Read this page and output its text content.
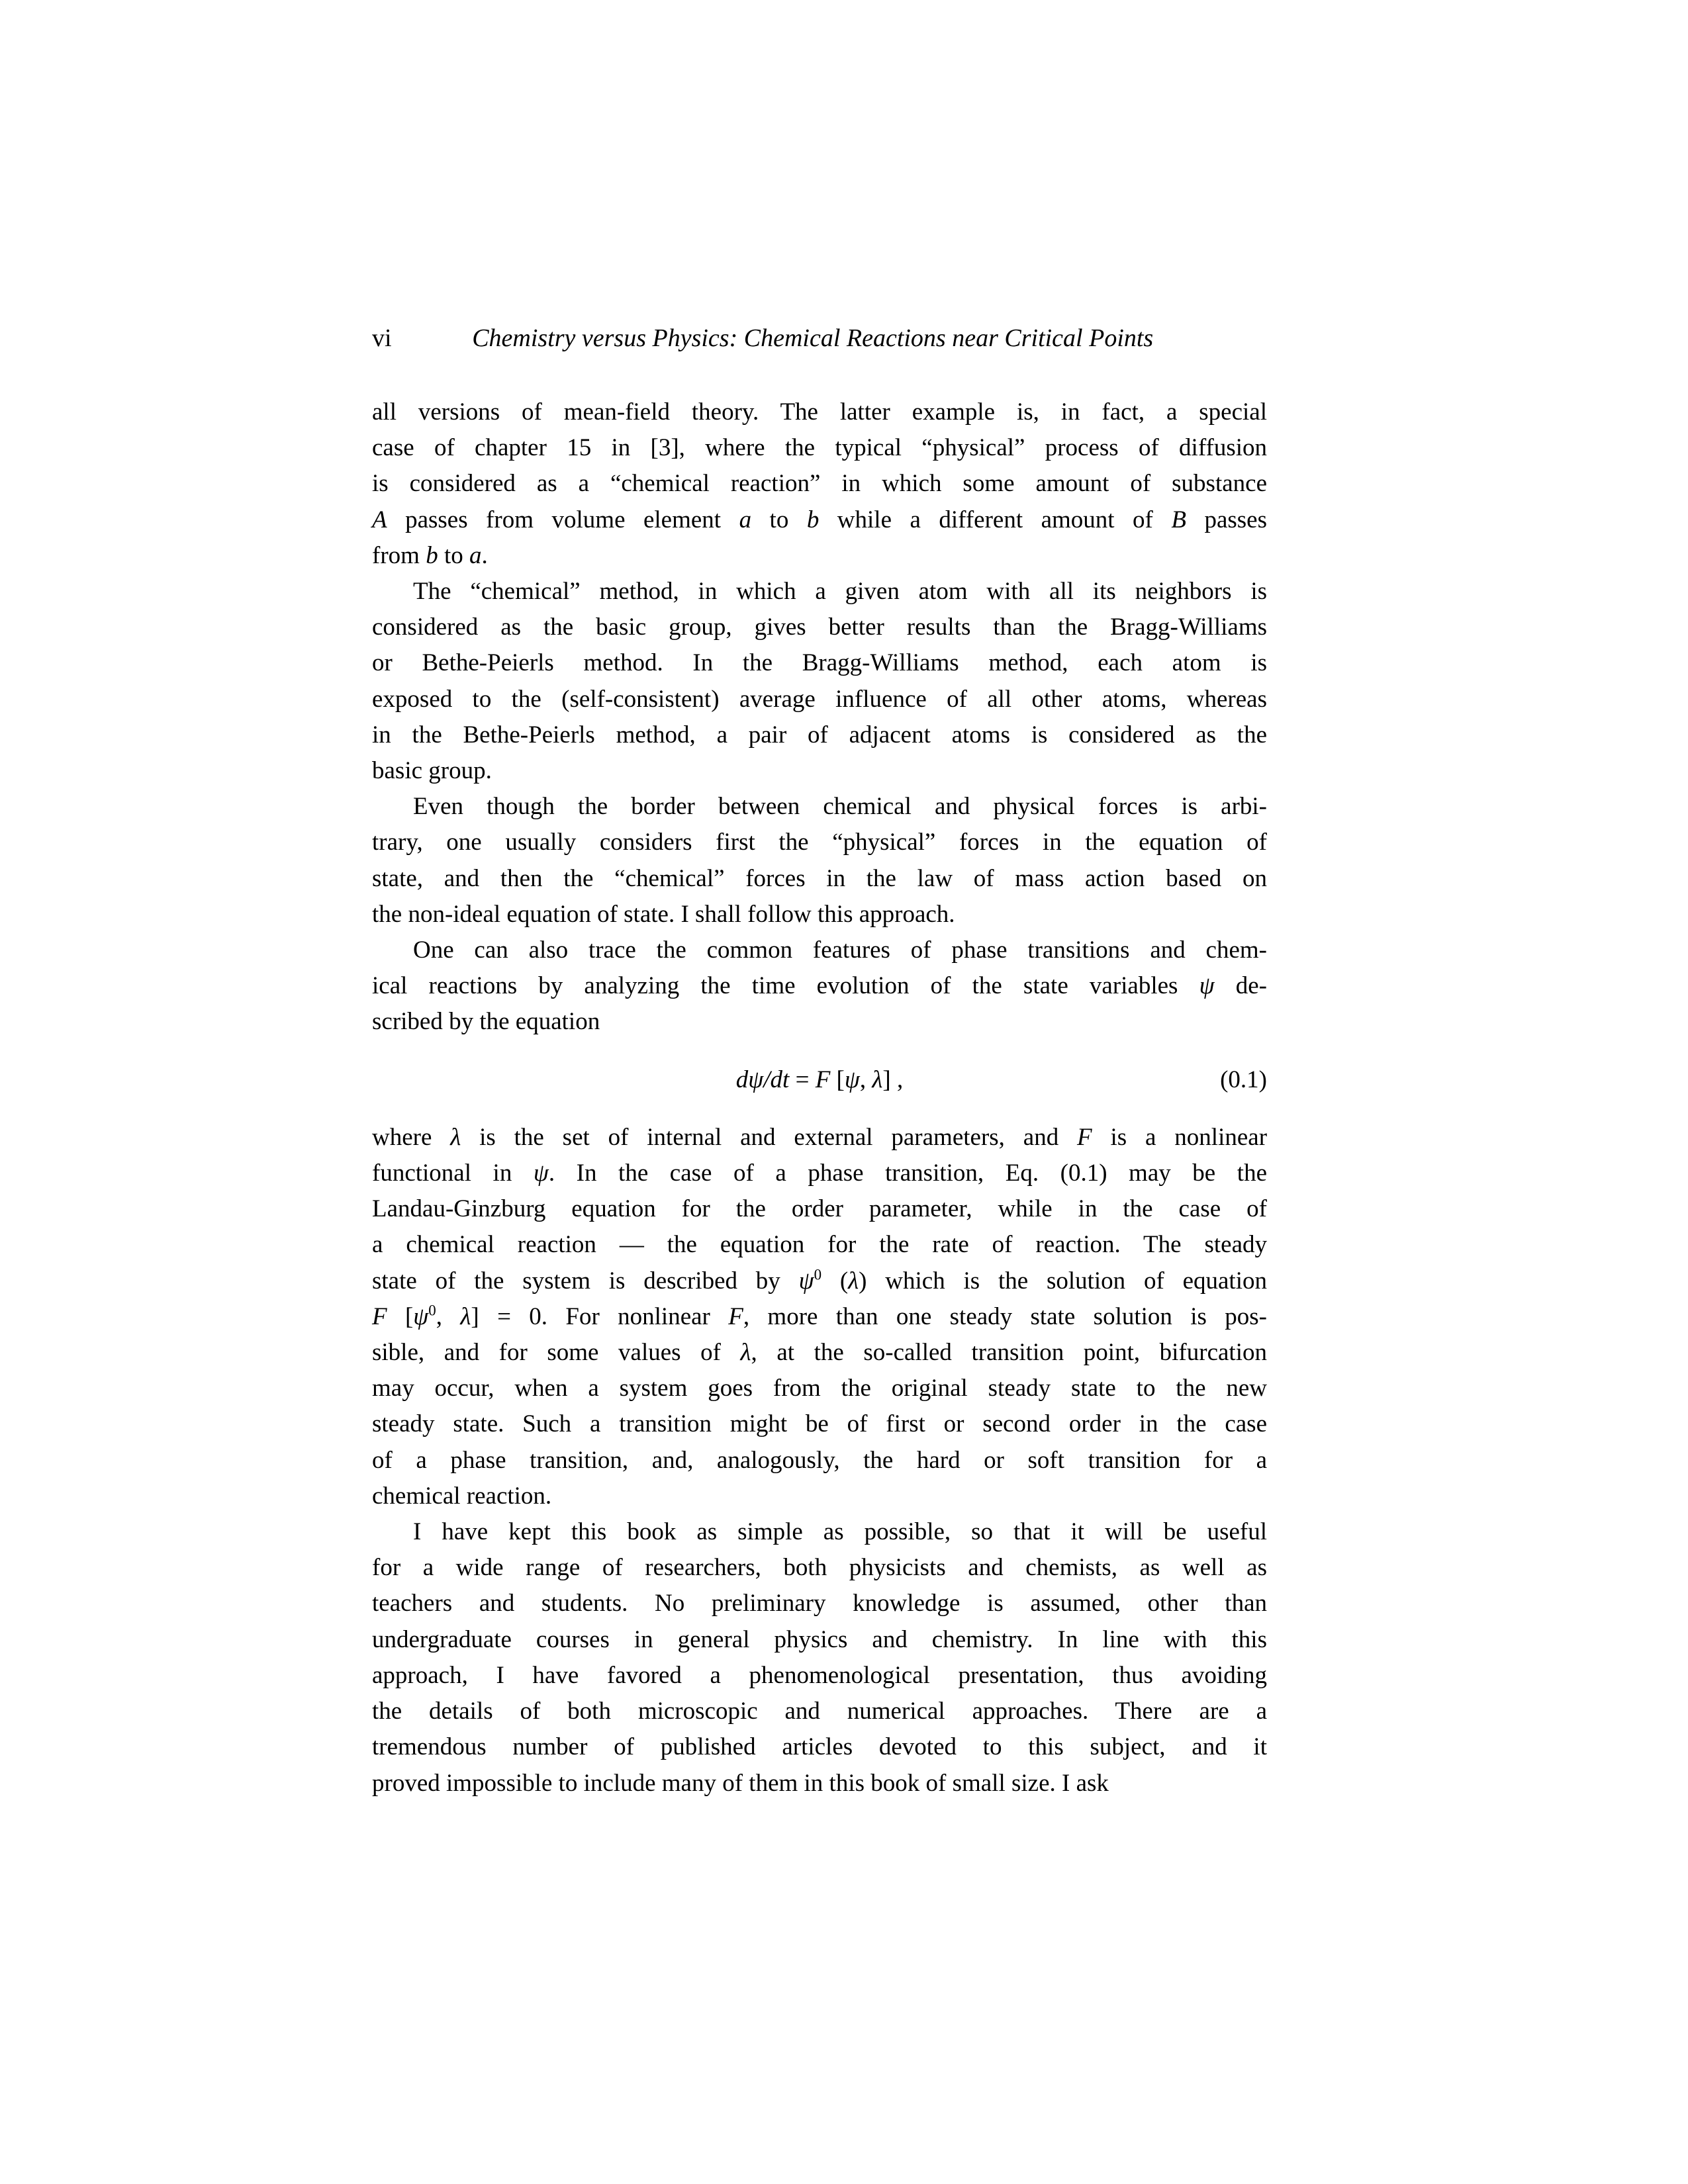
vi	Chemistry versus Physics: Chemical Reactions near Critical Points
all versions of mean-field theory. The latter example is, in fact, a special
case of chapter 15 in [3], where the typical “physical” process of diffusion
is considered as a “chemical reaction” in which some amount of substance
A passes from volume element a to b while a different amount of B passes
from b to a.
The “chemical” method, in which a given atom with all its neighbors is
considered as the basic group, gives better results than the Bragg-Williams
or Bethe-Peierls method. In the Bragg-Williams method, each atom is
exposed to the (self-consistent) average influence of all other atoms, whereas
in the Bethe-Peierls method, a pair of adjacent atoms is considered as the
basic group.
Even though the border between chemical and physical forces is arbi-
trary, one usually considers first the “physical” forces in the equation of
state, and then the “chemical” forces in the law of mass action based on
the non-ideal equation of state. I shall follow this approach.
One can also trace the common features of phase transitions and chem-
ical reactions by analyzing the time evolution of the state variables ψ de-
scribed by the equation
dψ/dt = F [ψ, λ] ,	(0.1)
where λ is the set of internal and external parameters, and F is a nonlinear
functional in ψ. In the case of a phase transition, Eq. (0.1) may be the
Landau-Ginzburg equation for the order parameter, while in the case of
a chemical reaction — the equation for the rate of reaction. The steady
state of the system is described by $\psi^0$ (λ) which is the solution of equation
F [$\psi^0$, λ] = 0. For nonlinear F, more than one steady state solution is pos-
sible, and for some values of λ, at the so-called transition point, bifurcation
may occur, when a system goes from the original steady state to the new
steady state. Such a transition might be of first or second order in the case
of a phase transition, and, analogously, the hard or soft transition for a
chemical reaction.
I have kept this book as simple as possible, so that it will be useful
for a wide range of researchers, both physicists and chemists, as well as
teachers and students. No preliminary knowledge is assumed, other than
undergraduate courses in general physics and chemistry. In line with this
approach, I have favored a phenomenological presentation, thus avoiding
the details of both microscopic and numerical approaches. There are a
tremendous number of published articles devoted to this subject, and it
proved impossible to include many of them in this book of small size. I ask
